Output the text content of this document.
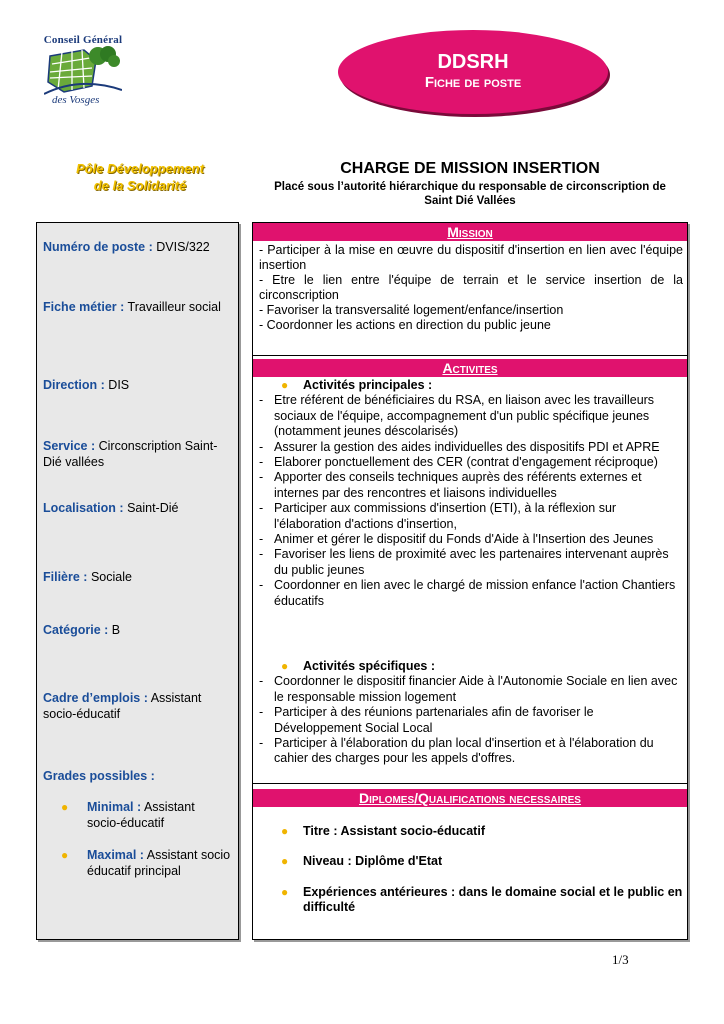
Conseil Général
des Vosges
DDSRH
Fiche de poste
Pôle Développement
de la Solidarité
CHARGE DE MISSION INSERTION
Placé sous l’autorité hiérarchique du responsable de circonscription de Saint Dié Vallées
Numéro de poste : DVIS/322
Fiche métier : Travailleur social
Direction : DIS
Service : Circonscription Saint-Dié vallées
Localisation : Saint-Dié
Filière : Sociale
Catégorie : B
Cadre d’emplois : Assistant socio-éducatif
Grades possibles :
● Minimal : Assistant socio-éducatif
● Maximal : Assistant socio éducatif principal
Mission
- Participer à la mise en œuvre du dispositif d'insertion en lien avec l'équipe insertion
- Etre le lien entre l'équipe de terrain et le service insertion de la circonscription
- Favoriser la transversalité logement/enfance/insertion
- Coordonner les actions en direction du public jeune
Activites
● Activités principales :
- Etre référent de bénéficiaires du RSA, en liaison avec les travailleurs sociaux de l'équipe, accompagnement d'un public spécifique jeunes (notamment jeunes déscolarisés)
- Assurer la gestion des aides individuelles des dispositifs PDI et APRE
- Elaborer ponctuellement des CER (contrat d'engagement réciproque)
- Apporter des conseils techniques auprès des référents externes et internes par des rencontres et liaisons individuelles
- Participer aux commissions d'insertion (ETI), à la réflexion sur l'élaboration d'actions d'insertion,
- Animer et gérer le dispositif du Fonds d'Aide à l'Insertion des Jeunes
- Favoriser les liens de proximité avec les partenaires intervenant auprès du public jeunes
- Coordonner en lien avec le chargé de mission enfance l'action Chantiers éducatifs
● Activités spécifiques :
- Coordonner le dispositif financier Aide à l'Autonomie Sociale en lien avec le responsable mission logement
- Participer à des réunions partenariales afin de favoriser le Développement Social Local
- Participer à l'élaboration du plan local d'insertion et à l'élaboration du cahier des charges pour les appels d'offres.
Diplomes/Qualifications necessaires
● Titre : Assistant socio-éducatif
● Niveau : Diplôme d'Etat
● Expériences antérieures : dans le domaine social et le public en difficulté
1/3
